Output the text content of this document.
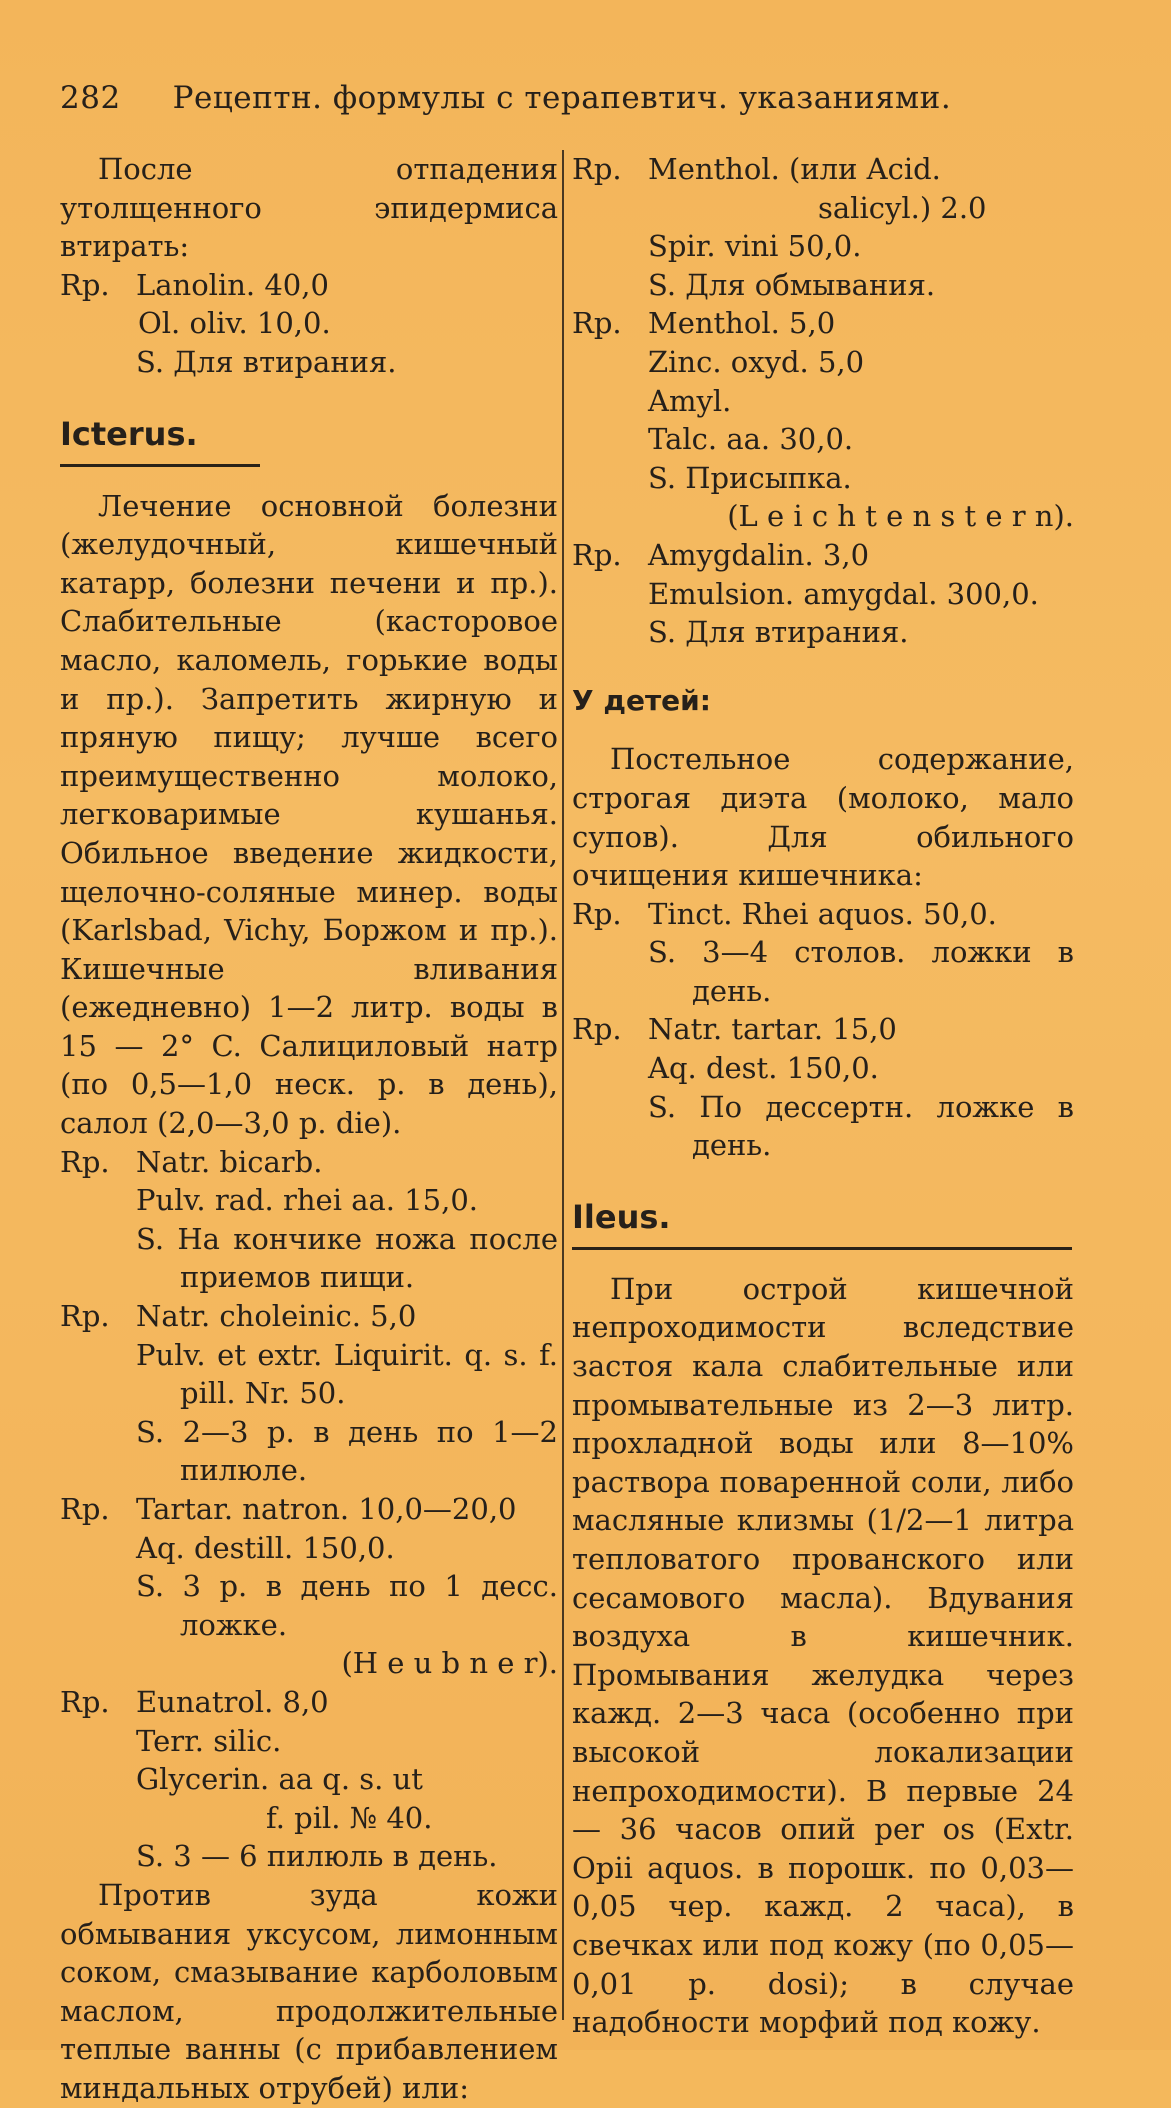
282 Рецептн. формулы с терапевтич. указаниями.

После отпадения утолщенного эпидермиса втирать:

Rp. Lanolin. 40,0
Ol. oliv. 10,0.
S. Для втирания.

Icterus.

Лечение основной болезни (желудочный, кишечный катарр, болезни печени и пр.). Слабительные (касторовое масло, каломель, горькие воды и пр.). Запретить жирную и пряную пищу; лучше всего преимущественно молоко, легковаримые кушанья. Обильное введение жидкости, щелочно-соляные минер. воды (Karlsbad, Vichy, Боржом и пр.). Кишечные вливания (ежедневно) 1—2 литр. воды в 15 — 2° C. Салициловый натр (по 0,5—1,0 неск. р. в день), салол (2,0—3,0 p. die).

Rp. Natr. bicarb.
Pulv. rad. rhei aa. 15,0.
S. На кончике ножа после приемов пищи.
Rp. Natr. choleinic. 5,0
Pulv. et extr. Liquirit. q. s. f. pill. Nr. 50.
S. 2—3 р. в день по 1—2 пилюле.
Rp. Tartar. natron. 10,0—20,0
Aq. destill. 150,0.
S. 3 р. в день по 1 десс. ложке.
(H e u b n e r).
Rp. Eunatrol. 8,0
Terr. silic.
Glycerin. aa q. s. ut
f. pil. № 40.
S. 3 — 6 пилюль в день.

Против зуда кожи обмывания уксусом, лимонным соком, смазывание карболовым маслом, продолжительные теплые ванны (с прибавлением миндальных отрубей) или:

Rp. Menthol. (или Acid.
salicyl.) 2.0
Spir. vini 50,0.
S. Для обмывания.
Rp. Menthol. 5,0
Zinc. oxyd. 5,0
Amyl.
Talc. aa. 30,0.
S. Присыпка.
(L e i c h t e n s t e r n).
Rp. Amygdalin. 3,0
Emulsion. amygdal. 300,0.
S. Для втирания.

У детей:

Постельное содержание, строгая диэта (молоко, мало супов). Для обильного очищения кишечника:

Rp. Tinct. Rhei aquos. 50,0.
S. 3—4 столов. ложки в день.
Rp. Natr. tartar. 15,0
Aq. dest. 150,0.
S. По дессертн. ложке в день.

Ileus.

При острой кишечной непроходимости вследствие застоя кала слабительные или промывательные из 2—3 литр. прохладной воды или 8—10% раствора поваренной соли, либо масляные клизмы (1/2—1 литра тепловатого прованского или сесамового масла). Вдувания воздуха в кишечник. Промывания желудка через кажд. 2—3 часа (особенно при высокой локализации непроходимости). В первые 24 — 36 часов опий per os (Extr. Opii aquos. в порошк. по 0,03—0,05 чер. кажд. 2 часа), в свечках или под кожу (по 0,05—0,01 p. dosi); в случае надобности морфий под кожу.
